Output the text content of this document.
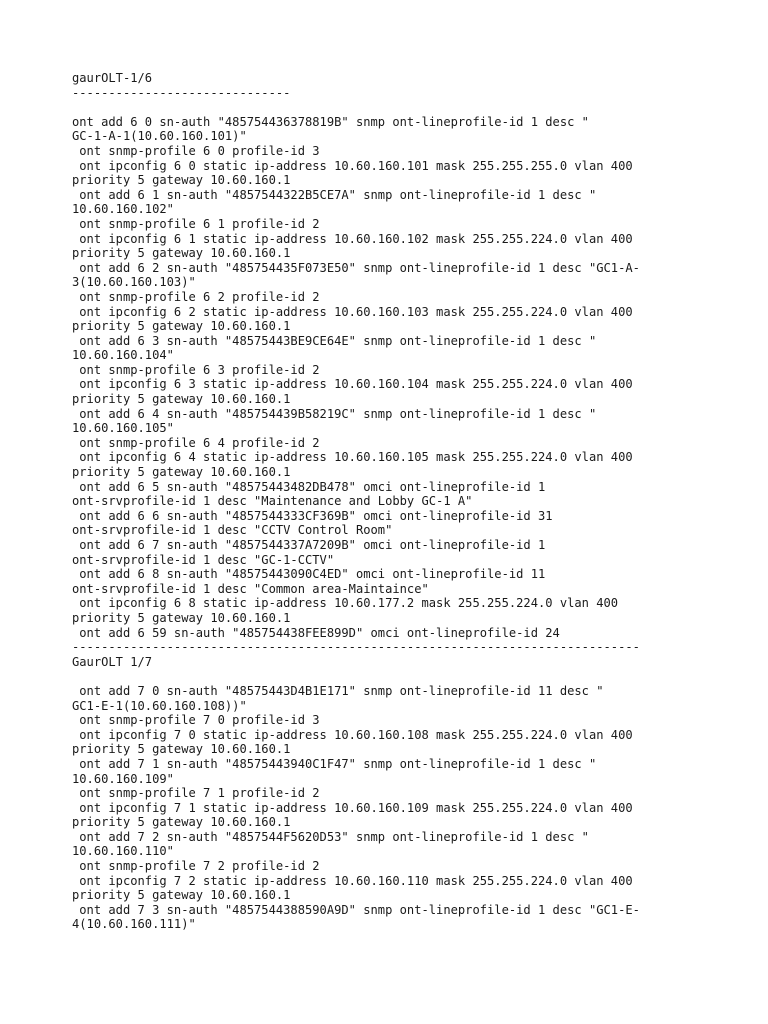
gaurOLT-1/6
------------------------------
ont add 6 0 sn-auth "485754436378819B" snmp ont-lineprofile-id 1 desc "
GC-1-A-1(10.60.160.101)"
ont snmp-profile 6 0 profile-id 3
ont ipconfig 6 0 static ip-address 10.60.160.101 mask 255.255.255.0 vlan 400
priority 5 gateway 10.60.160.1
ont add 6 1 sn-auth "4857544322B5CE7A" snmp ont-lineprofile-id 1 desc "
10.60.160.102"
ont snmp-profile 6 1 profile-id 2
ont ipconfig 6 1 static ip-address 10.60.160.102 mask 255.255.224.0 vlan 400
priority 5 gateway 10.60.160.1
ont add 6 2 sn-auth "485754435F073E50" snmp ont-lineprofile-id 1 desc "GC1-A-
3(10.60.160.103)"
ont snmp-profile 6 2 profile-id 2
ont ipconfig 6 2 static ip-address 10.60.160.103 mask 255.255.224.0 vlan 400
priority 5 gateway 10.60.160.1
ont add 6 3 sn-auth "48575443BE9CE64E" snmp ont-lineprofile-id 1 desc "
10.60.160.104"
ont snmp-profile 6 3 profile-id 2
ont ipconfig 6 3 static ip-address 10.60.160.104 mask 255.255.224.0 vlan 400
priority 5 gateway 10.60.160.1
ont add 6 4 sn-auth "485754439B58219C" snmp ont-lineprofile-id 1 desc "
10.60.160.105"
ont snmp-profile 6 4 profile-id 2
ont ipconfig 6 4 static ip-address 10.60.160.105 mask 255.255.224.0 vlan 400
priority 5 gateway 10.60.160.1
ont add 6 5 sn-auth "48575443482DB478" omci ont-lineprofile-id 1
ont-srvprofile-id 1 desc "Maintenance and Lobby GC-1 A"
ont add 6 6 sn-auth "4857544333CF369B" omci ont-lineprofile-id 31
ont-srvprofile-id 1 desc "CCTV Control Room"
ont add 6 7 sn-auth "4857544337A7209B" omci ont-lineprofile-id 1
ont-srvprofile-id 1 desc "GC-1-CCTV"
ont add 6 8 sn-auth "48575443090C4ED" omci ont-lineprofile-id 11
ont-srvprofile-id 1 desc "Common area-Maintaince"
ont ipconfig 6 8 static ip-address 10.60.177.2 mask 255.255.224.0 vlan 400
priority 5 gateway 10.60.160.1
ont add 6 59 sn-auth "485754438FEE899D" omci ont-lineprofile-id 24
------------------------------------------------------------------------------
GaurOLT 1/7
ont add 7 0 sn-auth "48575443D4B1E171" snmp ont-lineprofile-id 11 desc "
GC1-E-1(10.60.160.108))"
ont snmp-profile 7 0 profile-id 3
ont ipconfig 7 0 static ip-address 10.60.160.108 mask 255.255.224.0 vlan 400
priority 5 gateway 10.60.160.1
ont add 7 1 sn-auth "48575443940C1F47" snmp ont-lineprofile-id 1 desc "
10.60.160.109"
ont snmp-profile 7 1 profile-id 2
ont ipconfig 7 1 static ip-address 10.60.160.109 mask 255.255.224.0 vlan 400
priority 5 gateway 10.60.160.1
ont add 7 2 sn-auth "4857544F5620D53" snmp ont-lineprofile-id 1 desc "
10.60.160.110"
ont snmp-profile 7 2 profile-id 2
ont ipconfig 7 2 static ip-address 10.60.160.110 mask 255.255.224.0 vlan 400
priority 5 gateway 10.60.160.1
ont add 7 3 sn-auth "4857544388590A9D" snmp ont-lineprofile-id 1 desc "GC1-E-
4(10.60.160.111)"
